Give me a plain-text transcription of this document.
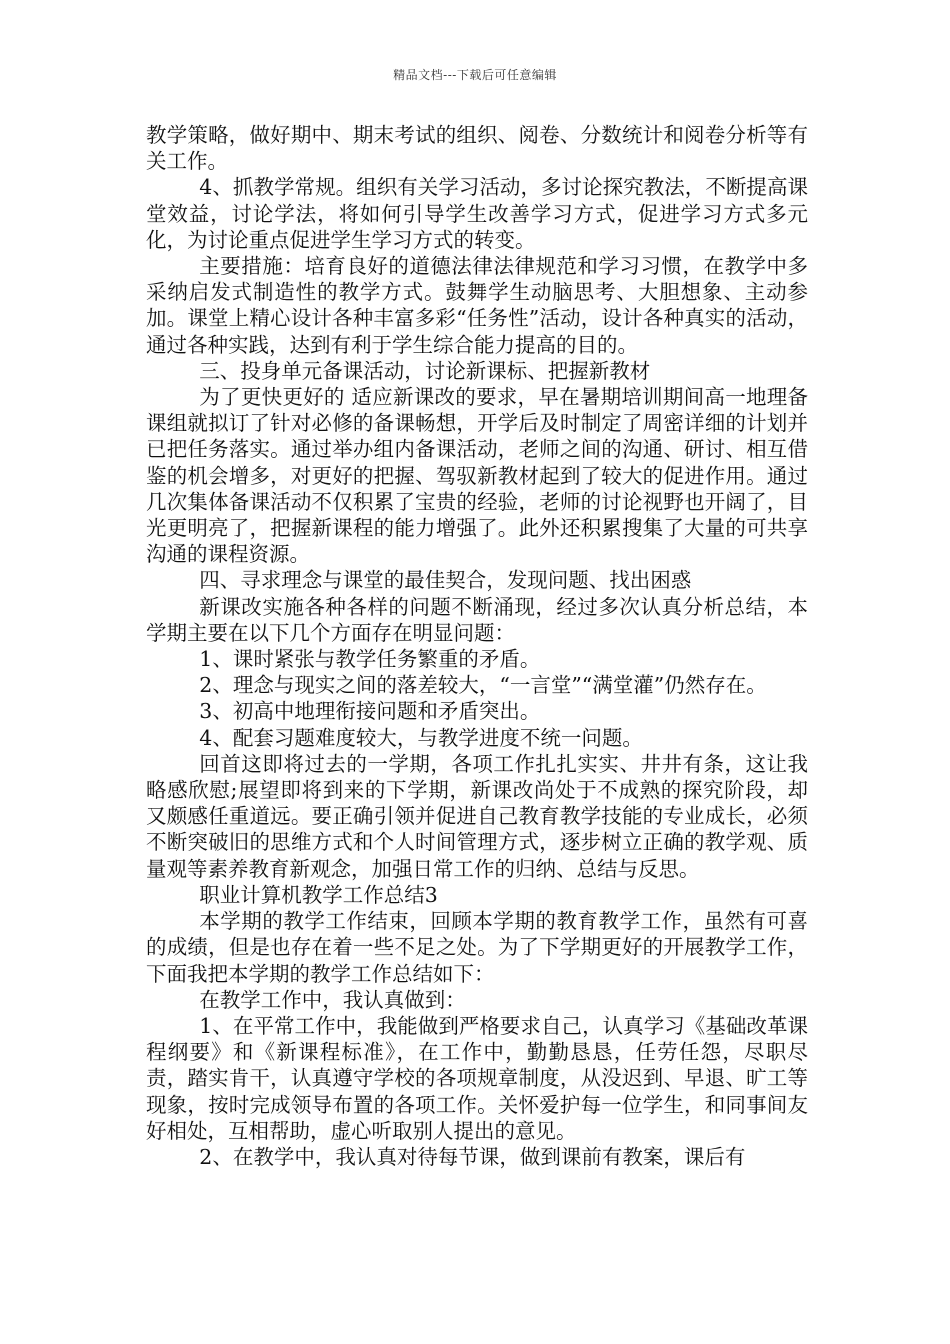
精品文档---下载后可任意编辑

教学策略，做好期中、期末考试的组织、阅卷、分数统计和阅卷分析等有关工作。

4、抓教学常规。组织有关学习活动，多讨论探究教法，不断提高课堂效益，讨论学法，将如何引导学生改善学习方式，促进学习方式多元化，为讨论重点促进学生学习方式的转变。

主要措施：培育良好的道德法律法律规范和学习习惯，在教学中多采纳启发式制造性的教学方式。鼓舞学生动脑思考、大胆想象、主动参加。课堂上精心设计各种丰富多彩“任务性”活动，设计各种真实的活动，通过各种实践，达到有利于学生综合能力提高的目的。

三、投身单元备课活动，讨论新课标、把握新教材

为了更快更好的 适应新课改的要求，早在暑期培训期间高一地理备课组就拟订了针对必修的备课畅想，开学后及时制定了周密详细的计划并已把任务落实。通过举办组内备课活动，老师之间的沟通、研讨、相互借鉴的机会增多，对更好的把握、驾驭新教材起到了较大的促进作用。通过几次集体备课活动不仅积累了宝贵的经验，老师的讨论视野也开阔了，目光更明亮了，把握新课程的能力增强了。此外还积累搜集了大量的可共享沟通的课程资源。

四、寻求理念与课堂的最佳契合，发现问题、找出困惑

新课改实施各种各样的问题不断涌现，经过多次认真分析总结，本学期主要在以下几个方面存在明显问题：

1、课时紧张与教学任务繁重的矛盾。

2、理念与现实之间的落差较大，“一言堂”“满堂灌”仍然存在。

3、初高中地理衔接问题和矛盾突出。

4、配套习题难度较大，与教学进度不统一问题。

回首这即将过去的一学期，各项工作扎扎实实、井井有条，这让我略感欣慰;展望即将到来的下学期，新课改尚处于不成熟的探究阶段，却又颇感任重道远。要正确引领并促进自己教育教学技能的专业成长，必须不断突破旧的思维方式和个人时间管理方式，逐步树立正确的教学观、质量观等素养教育新观念，加强日常工作的归纳、总结与反思。

职业计算机教学工作总结3

本学期的教学工作结束，回顾本学期的教育教学工作，虽然有可喜的成绩，但是也存在着一些不足之处。为了下学期更好的开展教学工作，下面我把本学期的教学工作总结如下：

在教学工作中，我认真做到：

1、在平常工作中，我能做到严格要求自己，认真学习《基础改革课程纲要》和《新课程标准》，在工作中，勤勤恳恳，任劳任怨，尽职尽责，踏实肯干，认真遵守学校的各项规章制度，从没迟到、早退、旷工等现象，按时完成领导布置的各项工作。关怀爱护每一位学生，和同事间友好相处，互相帮助，虚心听取别人提出的意见。

2、在教学中，我认真对待每节课，做到课前有教案，课后有
